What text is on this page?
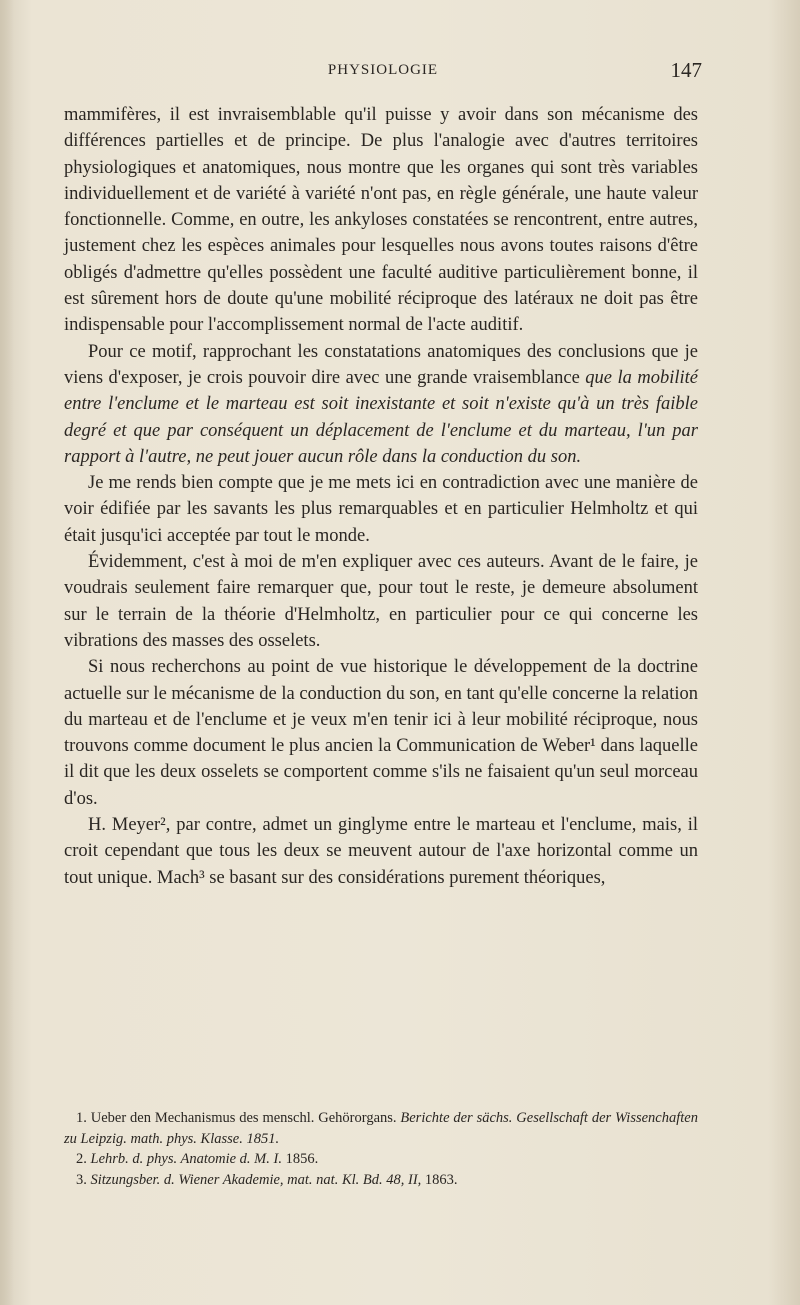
PHYSIOLOGIE	147

mammifères, il est invraisemblable qu'il puisse y avoir dans son mécanisme des différences partielles et de principe. De plus l'analogie avec d'autres territoires physiologiques et anatomiques, nous montre que les organes qui sont très variables individuellement et de variété à variété n'ont pas, en règle générale, une haute valeur fonctionnelle. Comme, en outre, les ankyloses constatées se rencontrent, entre autres, justement chez les espèces animales pour lesquelles nous avons toutes raisons d'être obligés d'admettre qu'elles possèdent une faculté auditive particulièrement bonne, il est sûrement hors de doute qu'une mobilité réciproque des latéraux ne doit pas être indispensable pour l'accomplissement normal de l'acte auditif.

Pour ce motif, rapprochant les constatations anatomiques des conclusions que je viens d'exposer, je crois pouvoir dire avec une grande vraisemblance que la mobilité entre l'enclume et le marteau est soit inexistante et soit n'existe qu'à un très faible degré et que par conséquent un déplacement de l'enclume et du marteau, l'un par rapport à l'autre, ne peut jouer aucun rôle dans la conduction du son.

Je me rends bien compte que je me mets ici en contradiction avec une manière de voir édifiée par les savants les plus remarquables et en particulier Helmholtz et qui était jusqu'ici acceptée par tout le monde.

Évidemment, c'est à moi de m'en expliquer avec ces auteurs. Avant de le faire, je voudrais seulement faire remarquer que, pour tout le reste, je demeure absolument sur le terrain de la théorie d'Helmholtz, en particulier pour ce qui concerne les vibrations des masses des osselets.

Si nous recherchons au point de vue historique le développement de la doctrine actuelle sur le mécanisme de la conduction du son, en tant qu'elle concerne la relation du marteau et de l'enclume et je veux m'en tenir ici à leur mobilité réciproque, nous trouvons comme document le plus ancien la Communication de Weber¹ dans laquelle il dit que les deux osselets se comportent comme s'ils ne faisaient qu'un seul morceau d'os.

H. Meyer², par contre, admet un ginglyme entre le marteau et l'enclume, mais, il croit cependant que tous les deux se meuvent autour de l'axe horizontal comme un tout unique. Mach³ se basant sur des considérations purement théoriques,

1. Ueber den Mechanismus des menschl. Gehörorgans. Berichte der sächs. Gesellschaft der Wissenchaften zu Leipzig. math. phys. Klasse. 1851.

2. Lehrb. d. phys. Anatomie d. M. I. 1856.

3. Sitzungsber. d. Wiener Akademie, mat. nat. Kl. Bd. 48, II, 1863.
